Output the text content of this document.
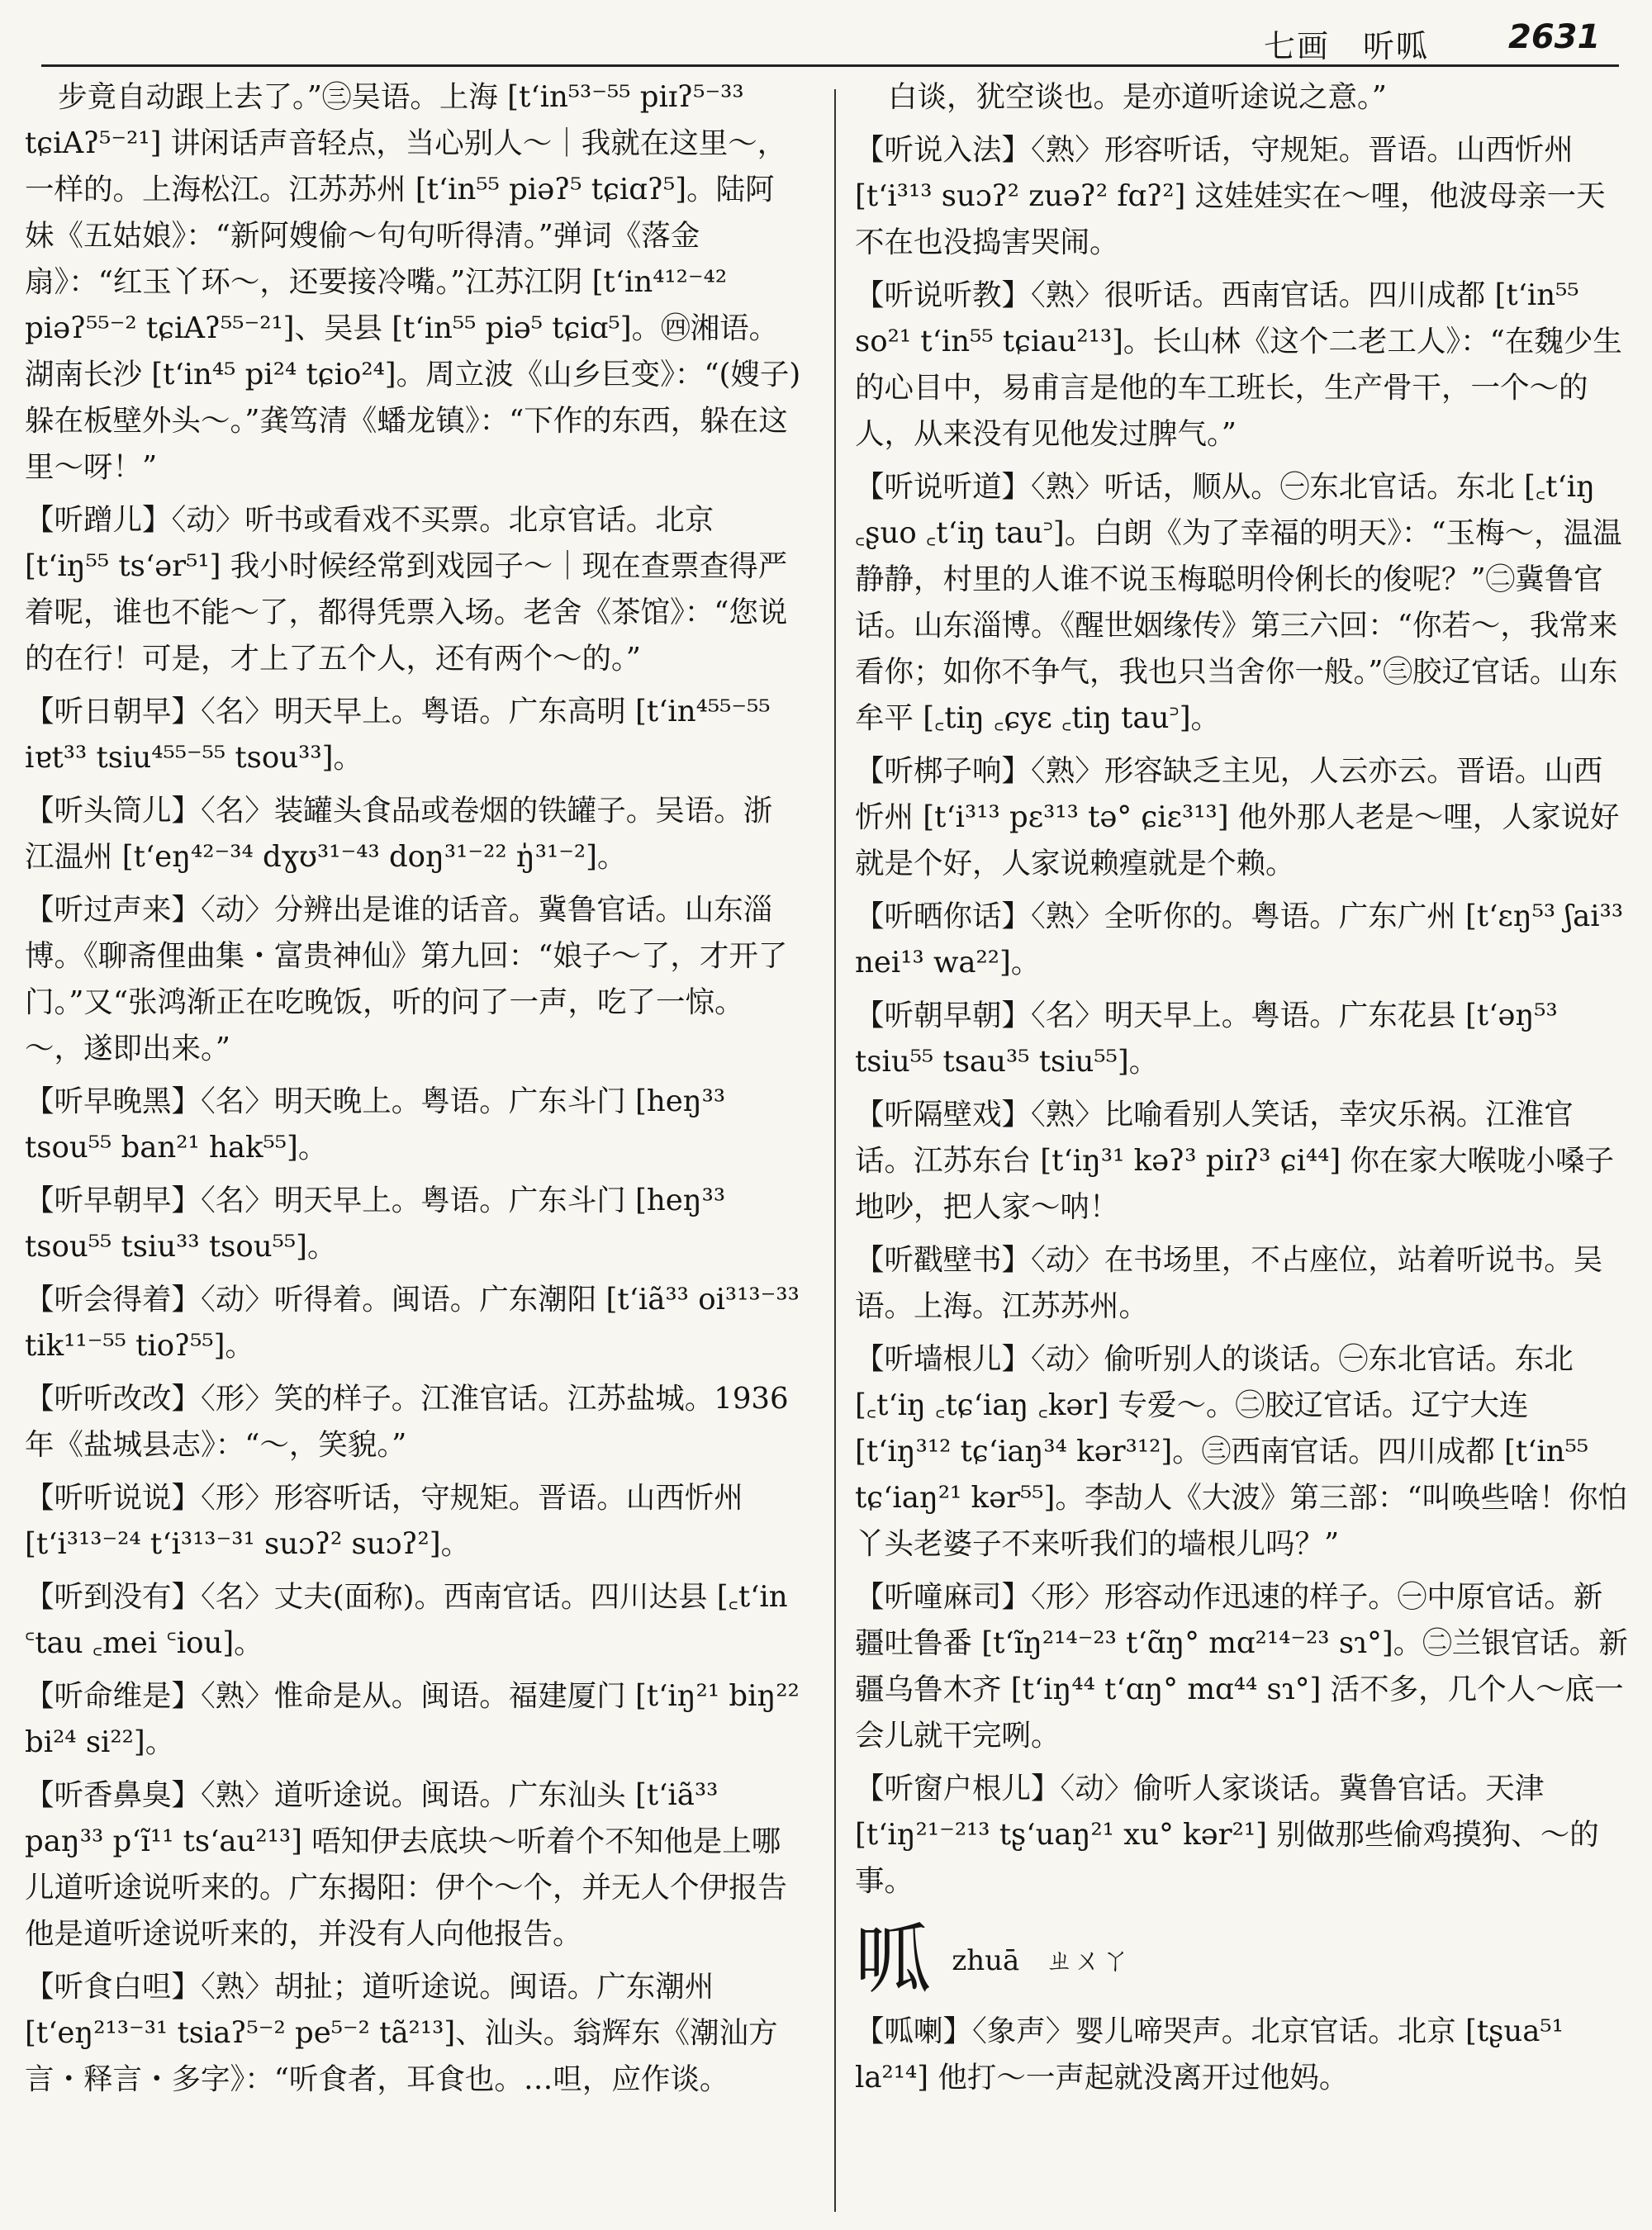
七画　听呱 2631

步竟自动跟上去了。”㊂吴语。上海 [t‘in⁵³⁻⁵⁵ piɪʔ⁵⁻³³ tɕiAʔ⁵⁻²¹] 讲闲话声音轻点，当心别人～｜我就在这里～，一样的。上海松江。江苏苏州 [t‘in⁵⁵ piəʔ⁵ tɕiɑʔ⁵]。陆阿妹《五姑娘》：“新阿嫂偷～句句听得清。”弹词《落金扇》：“红玉丫环～，还要接冷嘴。”江苏江阴 [t‘in⁴¹²⁻⁴² piəʔ⁵⁵⁻² tɕiAʔ⁵⁵⁻²¹]、吴县 [t‘in⁵⁵ piə⁵ tɕiɑ⁵]。㊃湘语。湖南长沙 [t‘in⁴⁵ pi²⁴ tɕio²⁴]。周立波《山乡巨变》：“(嫂子)躲在板壁外头～。”龚笃清《蟠龙镇》：“下作的东西，躲在这里～呀！”

【听蹭儿】〈动〉听书或看戏不买票。北京官话。北京 [t‘iŋ⁵⁵ ts‘ər⁵¹] 我小时候经常到戏园子～｜现在查票查得严着呢，谁也不能～了，都得凭票入场。老舍《茶馆》：“您说的在行！可是，才上了五个人，还有两个～的。”

【听日朝早】〈名〉明天早上。粤语。广东高明 [t‘in⁴⁵⁵⁻⁵⁵ iɐt³³ tsiu⁴⁵⁵⁻⁵⁵ tsou³³]。

【听头筒儿】〈名〉装罐头食品或卷烟的铁罐子。吴语。浙江温州 [t‘eŋ⁴²⁻³⁴ dɣʊ³¹⁻⁴³ doŋ³¹⁻²² ŋ̍³¹⁻²]。

【听过声来】〈动〉分辨出是谁的话音。冀鲁官话。山东淄博。《聊斋俚曲集・富贵神仙》第九回：“娘子～了，才开了门。”又“张鸿渐正在吃晚饭，听的问了一声，吃了一惊。～，遂即出来。”

【听早晚黑】〈名〉明天晚上。粤语。广东斗门 [heŋ³³ tsou⁵⁵ ban²¹ hak⁵⁵]。

【听早朝早】〈名〉明天早上。粤语。广东斗门 [heŋ³³ tsou⁵⁵ tsiu³³ tsou⁵⁵]。

【听会得着】〈动〉听得着。闽语。广东潮阳 [t‘iã³³ oi³¹³⁻³³ tik¹¹⁻⁵⁵ tioʔ⁵⁵]。

【听听改改】〈形〉笑的样子。江淮官话。江苏盐城。1936年《盐城县志》：“～，笑貌。”

【听听说说】〈形〉形容听话，守规矩。晋语。山西忻州 [t‘i³¹³⁻²⁴ t‘i³¹³⁻³¹ suɔʔ² suɔʔ²]。

【听到没有】〈名〉丈夫(面称)。西南官话。四川达县 [꜀t‘in ꜂tau ꜀mei ꜂iou]。

【听命维是】〈熟〉惟命是从。闽语。福建厦门 [t‘iŋ²¹ biŋ²² bi²⁴ si²²]。

【听香鼻臭】〈熟〉道听途说。闽语。广东汕头 [t‘iã³³ paŋ³³ p‘ĩ¹¹ ts‘au²¹³] 唔知伊去底块～听着个不知他是上哪儿道听途说听来的。广东揭阳：伊个～个，并无人个伊报告他是道听途说听来的，并没有人向他报告。

【听食白呾】〈熟〉胡扯；道听途说。闽语。广东潮州 [t‘eŋ²¹³⁻³¹ tsiaʔ⁵⁻² pe⁵⁻² tã²¹³]、汕头。翁辉东《潮汕方言・释言・多字》：“听食者，耳食也。…呾，应作谈。

白谈，犹空谈也。是亦道听途说之意。”

【听说入法】〈熟〉形容听话，守规矩。晋语。山西忻州 [t‘i³¹³ suɔʔ² zuəʔ² fɑʔ²] 这娃娃实在～哩，他波母亲一天不在也没捣害哭闹。

【听说听教】〈熟〉很听话。西南官话。四川成都 [t‘in⁵⁵ so²¹ t‘in⁵⁵ tɕiau²¹³]。长山林《这个二老工人》：“在魏少生的心目中，易甫言是他的车工班长，生产骨干，一个～的人，从来没有见他发过脾气。”

【听说听道】〈熟〉听话，顺从。㊀东北官话。东北 [꜀t‘iŋ ꜀ʂuo ꜀t‘iŋ tau꜄]。白朗《为了幸福的明天》：“玉梅～，温温静静，村里的人谁不说玉梅聪明伶俐长的俊呢？”㊁冀鲁官话。山东淄博。《醒世姻缘传》第三六回：“你若～，我常来看你；如你不争气，我也只当舍你一般。”㊂胶辽官话。山东牟平 [꜀tiŋ ꜀ɕyɛ ꜀tiŋ tau꜄]。

【听梆子响】〈熟〉形容缺乏主见，人云亦云。晋语。山西忻州 [t‘i³¹³ pɛ³¹³ tə° ɕiɛ³¹³] 他外那人老是～哩，人家说好就是个好，人家说赖㾮就是个赖。

【听晒你话】〈熟〉全听你的。粤语。广东广州 [t‘ɛŋ⁵³ ʃai³³ nei¹³ wa²²]。

【听朝早朝】〈名〉明天早上。粤语。广东花县 [t‘əŋ⁵³ tsiu⁵⁵ tsau³⁵ tsiu⁵⁵]。

【听隔壁戏】〈熟〉比喻看别人笑话，幸灾乐祸。江淮官话。江苏东台 [t‘iŋ³¹ kəʔ³ piɪʔ³ ɕi⁴⁴] 你在家大喉咙小嗓子地吵，把人家～呐！

【听戳壁书】〈动〉在书场里，不占座位，站着听说书。吴语。上海。江苏苏州。

【听墙根儿】〈动〉偷听别人的谈话。㊀东北官话。东北 [꜀t‘iŋ ꜀tɕ‘iaŋ ꜀kər] 专爱～。㊁胶辽官话。辽宁大连 [t‘iŋ³¹² tɕ‘iaŋ³⁴ kər³¹²]。㊂西南官话。四川成都 [t‘in⁵⁵ tɕ‘iaŋ²¹ kər⁵⁵]。李劼人《大波》第三部：“叫唤些啥！你怕丫头老婆子不来听我们的墙根儿吗？”

【听噇麻司】〈形〉形容动作迅速的样子。㊀中原官话。新疆吐鲁番 [t‘ĩŋ²¹⁴⁻²³ t‘ɑ̃ŋ° mɑ²¹⁴⁻²³ sɿ°]。㊁兰银官话。新疆乌鲁木齐 [t‘iŋ⁴⁴ t‘ɑŋ° mɑ⁴⁴ sɿ°] 活不多，几个人～底一会儿就干完咧。

【听窗户根儿】〈动〉偷听人家谈话。冀鲁官话。天津 [t‘iŋ²¹⁻²¹³ tʂ‘uaŋ²¹ xu° kər²¹] 别做那些偷鸡摸狗、～的事。

呱 zhuā ㄓㄨㄚ

【呱喇】〈象声〉婴儿啼哭声。北京官话。北京 [tʂua⁵¹ la²¹⁴] 他打～一声起就没离开过他妈。
